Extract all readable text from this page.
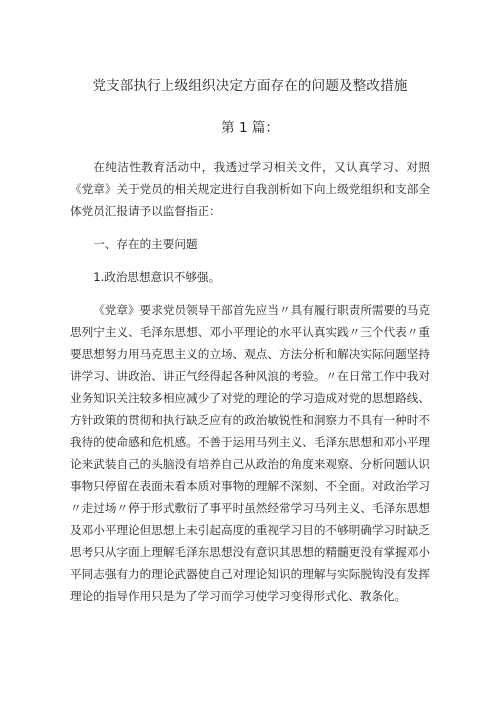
党支部执行上级组织决定方面存在的问题及整改措施
第 1 篇：

在纯洁性教育活动中，我透过学习相关文件，又认真学习、对照《党章》关于党员的相关规定进行自我剖析如下向上级党组织和支部全体党员汇报请予以监督指正：

一、存在的主要问题

1.政治思想意识不够强。

《党章》要求党员领导干部首先应当〃具有履行职责所需要的马克思列宁主义、毛泽东思想、邓小平理论的水平认真实践〃三个代表〃重要思想努力用马克思主义的立场、观点、方法分析和解决实际问题坚持讲学习、讲政治、讲正气经得起各种风浪的考验。〃在日常工作中我对业务知识关注较多相应减少了对党的理论的学习造成对党的思想路线、方针政策的贯彻和执行缺乏应有的政治敏锐性和洞察力不具有一种时不我待的使命感和危机感。不善于运用马列主义、毛泽东思想和邓小平理论来武装自己的头脑没有培养自己从政治的角度来观察、分析问题认识事物只停留在表面未看本质对事物的理解不深刻、不全面。对政治学习〃走过场〃停于形式敷衍了事平时虽然经常学习马列主义、毛泽东思想及邓小平理论但思想上未引起高度的重视学习目的不够明确学习时缺乏思考只从字面上理解毛泽东思想没有意识其思想的精髓更没有掌握邓小平同志强有力的理论武器使自己对理论知识的理解与实际脱钩没有发挥理论的指导作用只是为了学习而学习使学习变得形式化、教条化。
